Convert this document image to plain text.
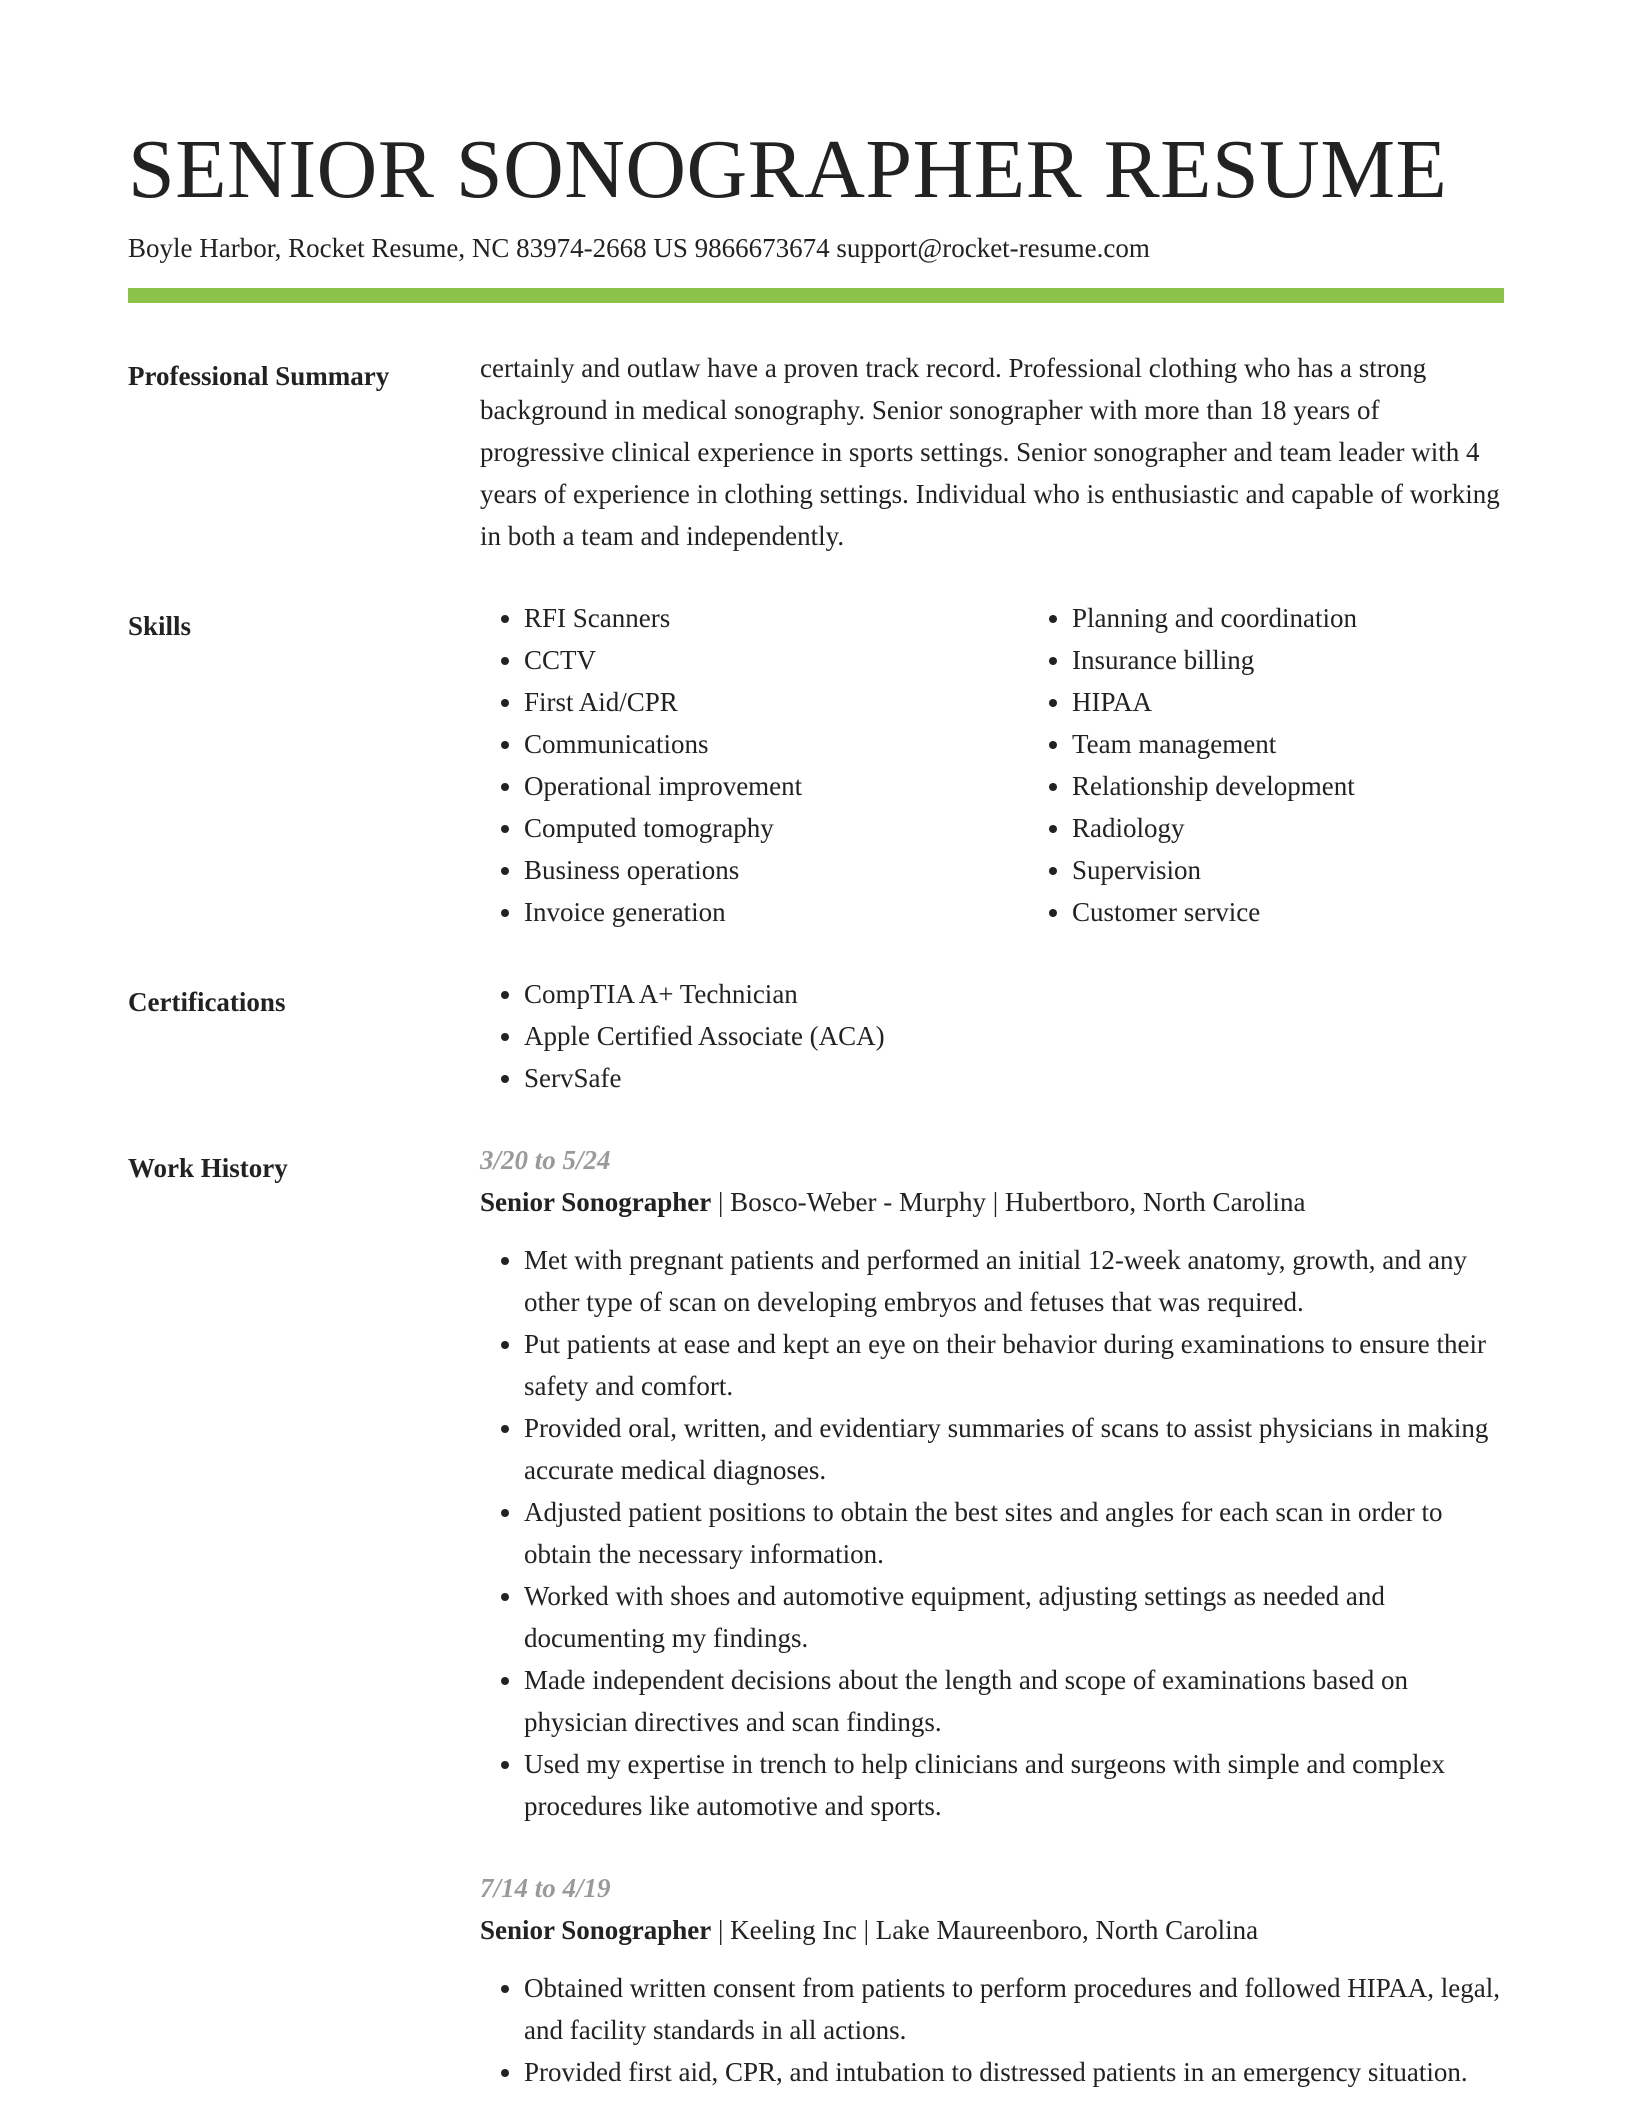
SENIOR SONOGRAPHER RESUME
Boyle Harbor, Rocket Resume, NC 83974-2668 US 9866673674 support@rocket-resume.com
Professional Summary	certainly and outlaw have a proven track record. Professional clothing who has a strong background in medical sonography. Senior sonographer with more than 18 years of progressive clinical experience in sports settings. Senior sonographer and team leader with 4 years of experience in clothing settings. Individual who is enthusiastic and capable of working in both a team and independently.

Skills	• RFI Scanners
• CCTV
• First Aid/CPR
• Communications
• Operational improvement
• Computed tomography
• Business operations
• Invoice generation
• Planning and coordination
• Insurance billing
• HIPAA
• Team management
• Relationship development
• Radiology
• Supervision
• Customer service
Certifications	• CompTIA A+ Technician
• Apple Certified Associate (ACA)
• ServSafe
Work History	3/20 to 5/24
Senior Sonographer | Bosco-Weber - Murphy | Hubertboro, North Carolina
• Met with pregnant patients and performed an initial 12-week anatomy, growth, and any other type of scan on developing embryos and fetuses that was required.
• Put patients at ease and kept an eye on their behavior during examinations to ensure their safety and comfort.
• Provided oral, written, and evidentiary summaries of scans to assist physicians in making accurate medical diagnoses.
• Adjusted patient positions to obtain the best sites and angles for each scan in order to obtain the necessary information.
• Worked with shoes and automotive equipment, adjusting settings as needed and documenting my findings.
• Made independent decisions about the length and scope of examinations based on physician directives and scan findings.
• Used my expertise in trench to help clinicians and surgeons with simple and complex procedures like automotive and sports.
7/14 to 4/19
Senior Sonographer | Keeling Inc | Lake Maureenboro, North Carolina
• Obtained written consent from patients to perform procedures and followed HIPAA, legal, and facility standards in all actions.
• Provided first aid, CPR, and intubation to distressed patients in an emergency situation.
